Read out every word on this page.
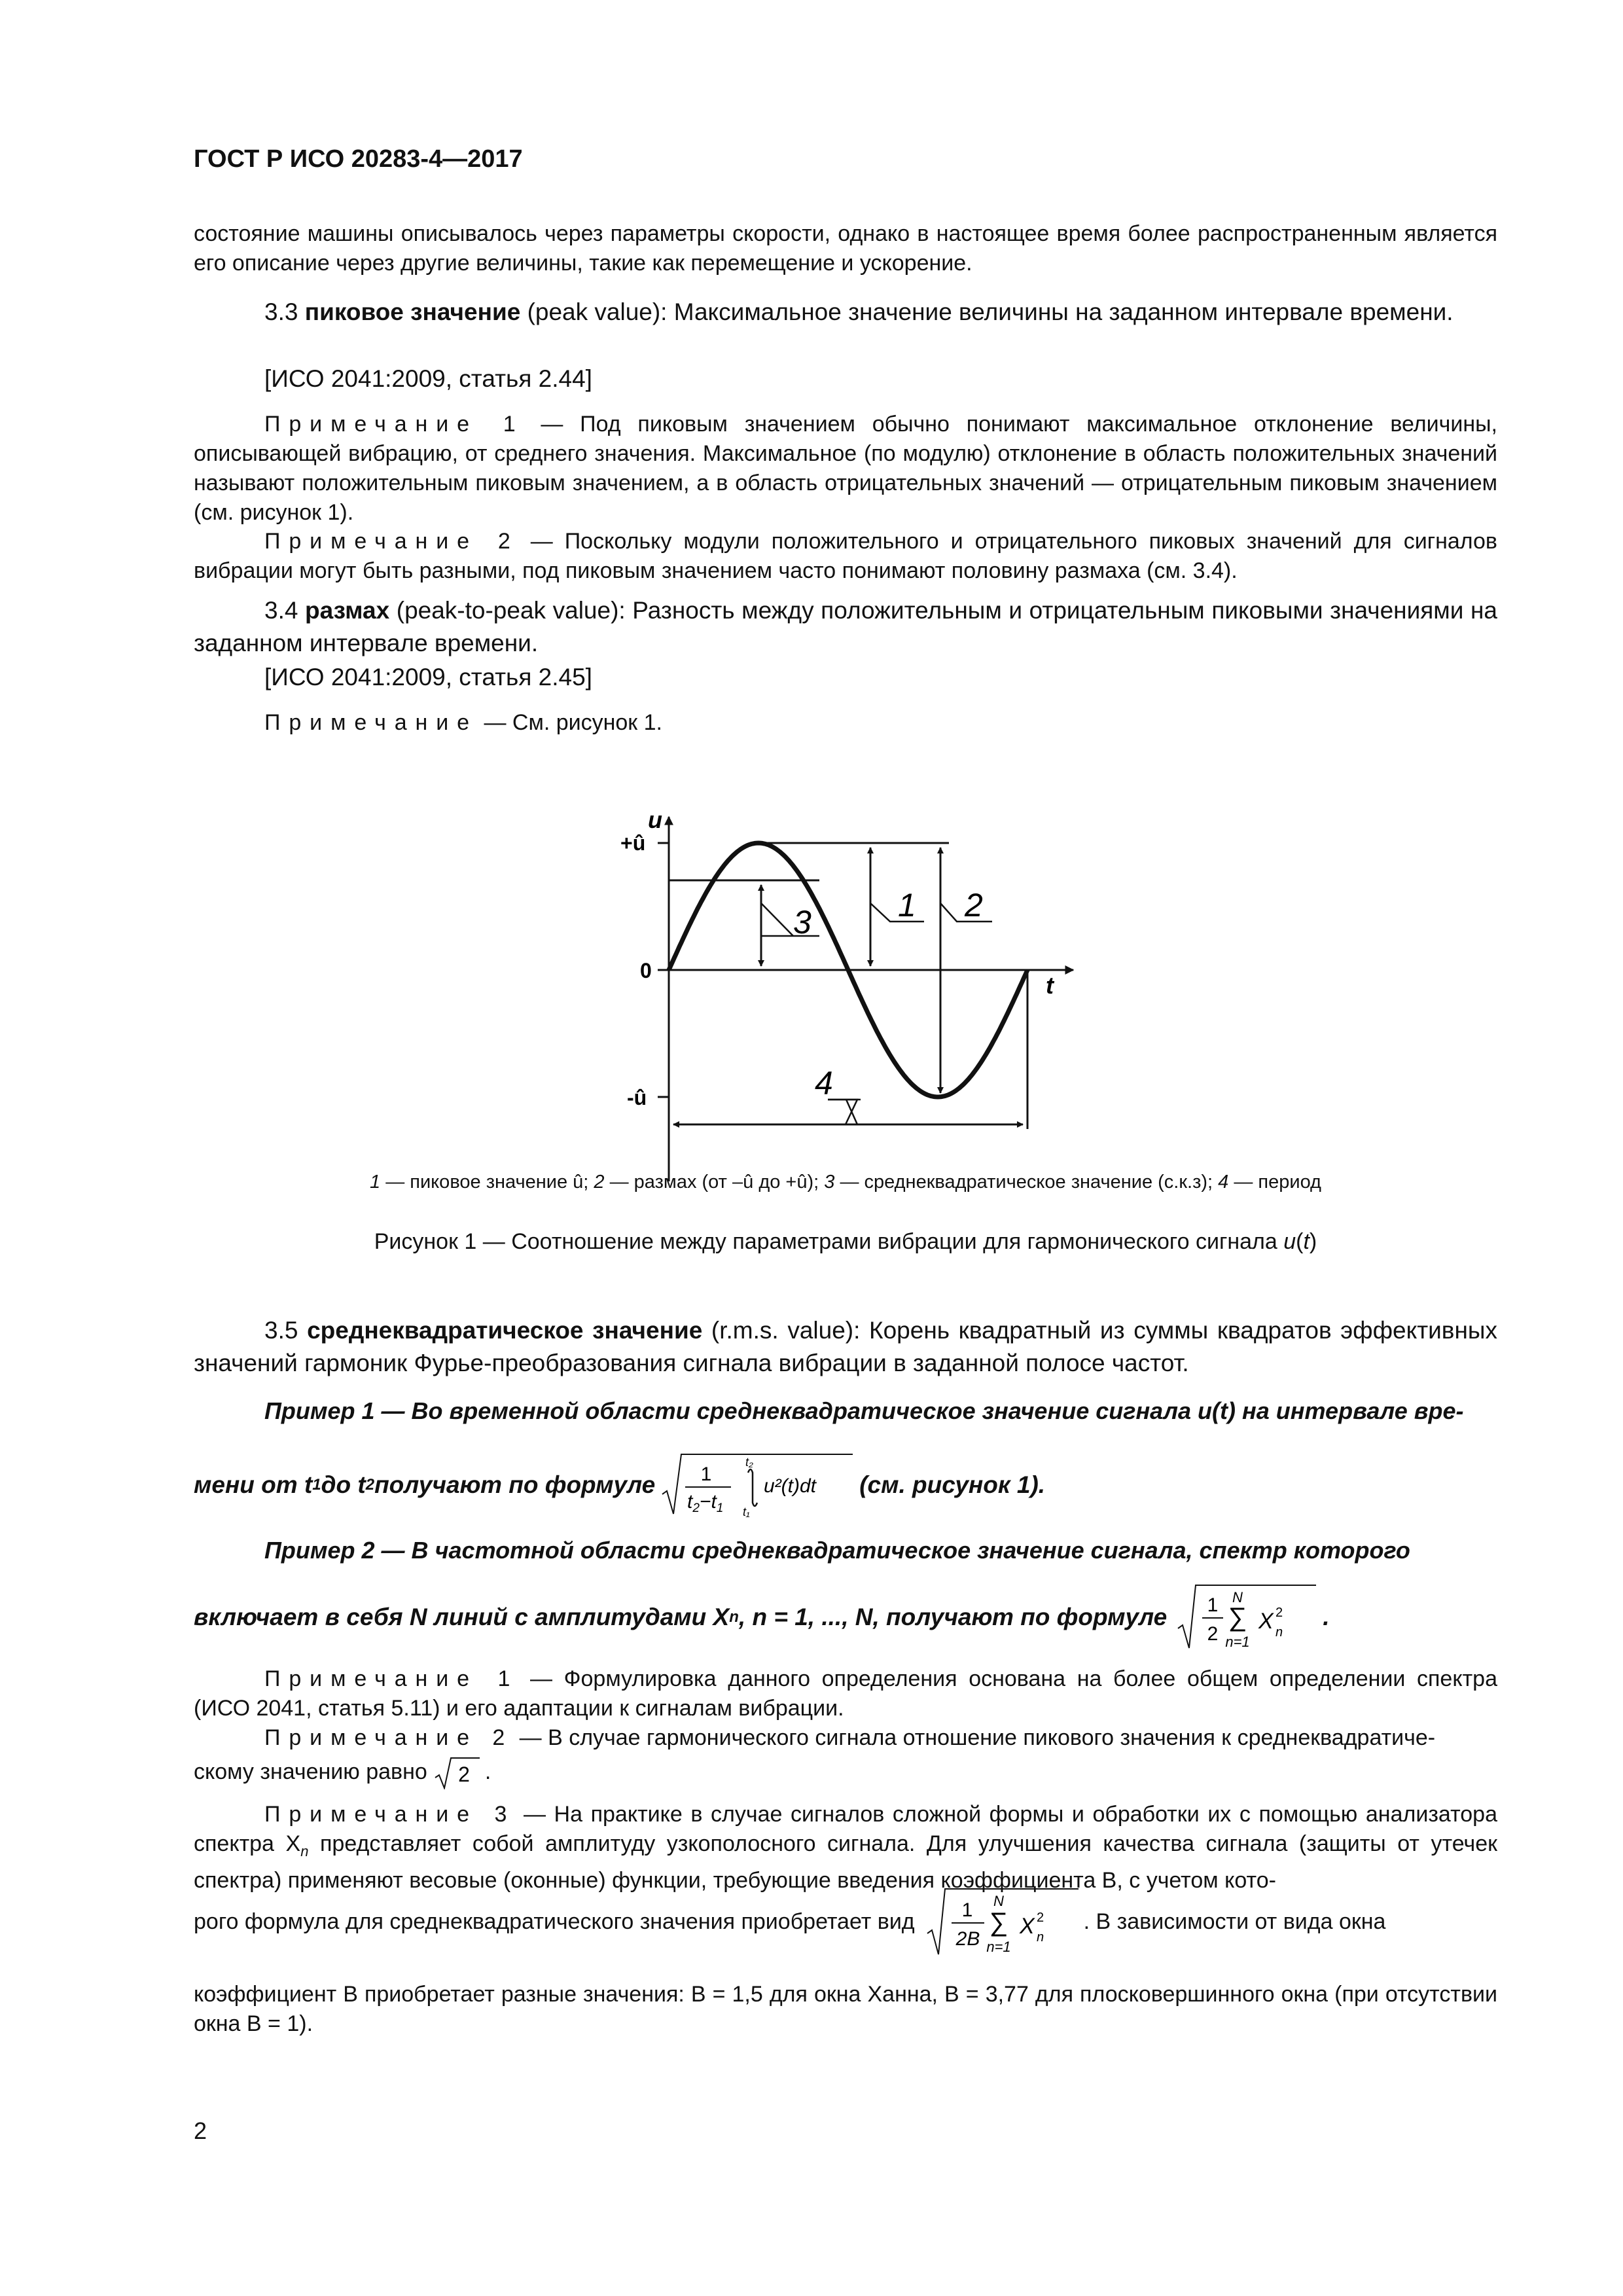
ГОСТ Р ИСО 20283-4—2017

состояние машины описывалось через параметры скорости, однако в настоящее время более распространенным является его описание через другие величины, такие как перемещение и ускорение.

3.3 пиковое значение (peak value): Максимальное значение величины на заданном интервале времени.

[ИСО 2041:2009, статья 2.44]

Примечание 1 — Под пиковым значением обычно понимают максимальное отклонение величины, описывающей вибрацию, от среднего значения. Максимальное (по модулю) отклонение в область положительных значений называют положительным пиковым значением, а в область отрицательных значений — отрицательным пиковым значением (см. рисунок 1).

Примечание 2 — Поскольку модули положительного и отрицательного пиковых значений для сигналов вибрации могут быть разными, под пиковым значением часто понимают половину размаха (см. 3.4).

3.4 размах (peak-to-peak value): Разность между положительным и отрицательным пиковыми значениями на заданном интервале времени.

[ИСО 2041:2009, статья 2.45]

Примечание — См. рисунок 1.

u
t
+û
0
-û
1 2
3
4
1 — пиковое значение û; 2 — размах (от –û до +û); 3 — среднеквадратическое значение (с.к.з); 4 — период
Рисунок 1 — Соотношение между параметрами вибрации для гармонического сигнала u(t)

3.5 среднеквадратическое значение (r.m.s. value): Корень квадратный из суммы квадратов эффективных значений гармоник Фурье-преобразования сигнала вибрации в заданной полосе частот.

Пример 1 — Во временной области среднеквадратическое значение сигнала u(t) на интервале вре-

мени от t 1 до t 2 получают по формуле 1
$t_2-t_1$
t₂
t₁
u²(t)dt (см. рисунок 1).

Пример 2 — В частотной области среднеквадратическое значение сигнала, спектр которого

включает в себя N линий с амплитудами X n , n = 1, ..., N, получают по формуле 1
2
N
∑
n=1
X 2
n
.

Примечание 1 — Формулировка данного определения основана на более общем определении спектра (ИСО 2041, статья 5.11) и его адаптации к сигналам вибрации.

Примечание 2 — В случае гармонического сигнала отношение пикового значения к среднеквадратиче-

скому значению равно 2 .

Примечание 3 — На практике в случае сигналов сложной формы и обработки их с помощью анализатора спектра $X_n$ представляет собой амплитуду узкополосного сигнала. Для улучшения качества сигнала (защиты от утечек спектра) применяют весовые (оконные) функции, требующие введения коэффициента B, с учетом кото-

рого формула для среднеквадратического значения приобретает вид 1
2B
N
∑
n=1
X 2
n
. В зависимости от вида окна

коэффициент B приобретает разные значения: B = 1,5 для окна Ханна, B = 3,77 для плосковершинного окна (при отсутствии окна B = 1).

2
